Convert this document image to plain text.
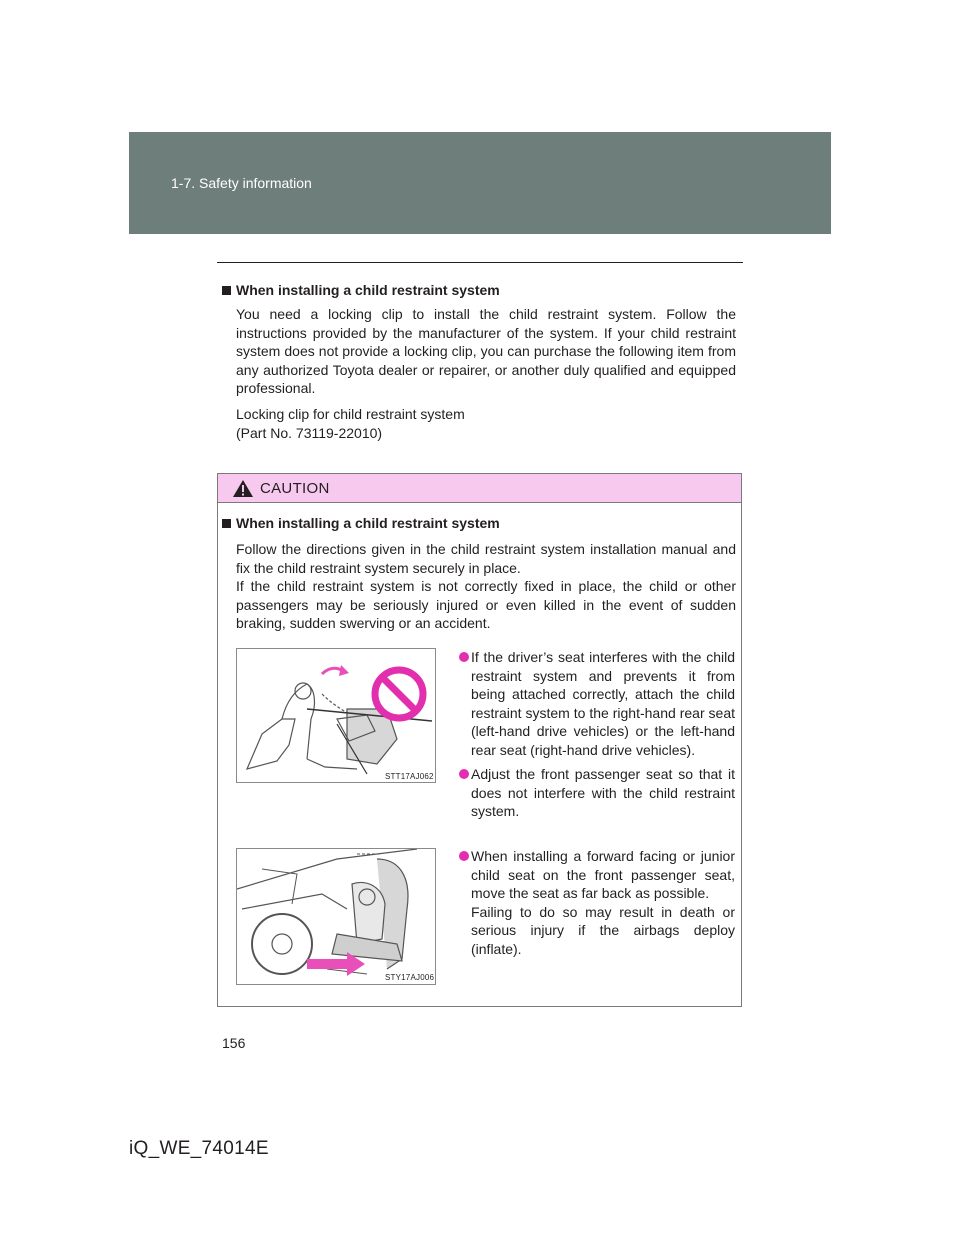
1-7. Safety information
When installing a child restraint system

You need a locking clip to install the child restraint system. Follow the instructions provided by the manufacturer of the system. If your child restraint system does not provide a locking clip, you can purchase the following item from any authorized Toyota dealer or repairer, or another duly qualified and equipped professional.

Locking clip for child restraint system
(Part No. 73119-22010)
CAUTION
When installing a child restraint system

Follow the directions given in the child restraint system installation manual and fix the child restraint system securely in place.

If the child restraint system is not correctly fixed in place, the child or other passengers may be seriously injured or even killed in the event of sudden braking, sudden swerving or an accident.

STT17AJ062
STY17AJ006
If the driver’s seat interferes with the child restraint system and prevents it from being attached correctly, attach the child restraint system to the right-hand rear seat (left-hand drive vehicles) or the left-hand rear seat (right-hand drive vehicles).
Adjust the front passenger seat so that it does not interfere with the child restraint system.
When installing a forward facing or junior child seat on the front passenger seat, move the seat as far back as possible.
Failing to do so may result in death or serious injury if the airbags deploy (inflate).
156
iQ_WE_74014E
